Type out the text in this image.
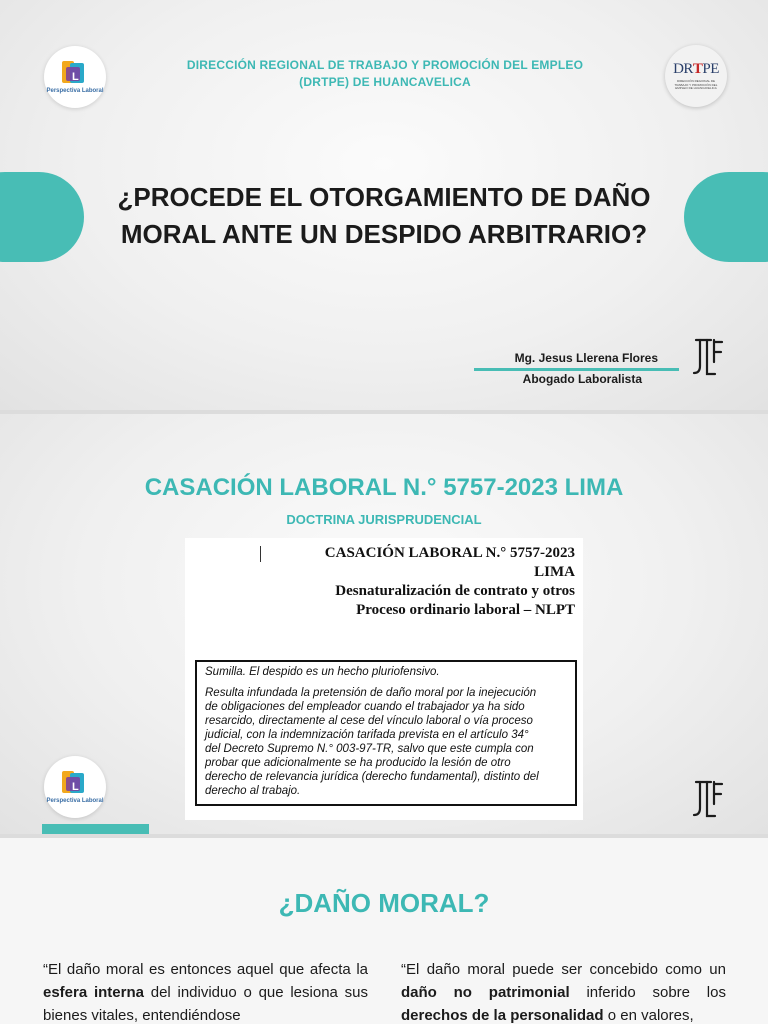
L
Perspectiva Laboral
DIRECCIÓN REGIONAL DE TRABAJO Y PROMOCIÓN DEL EMPLEO (DRTPE) DE HUANCAVELICA
DRTPE
DIRECCIÓN REGIONAL DE TRABAJO Y PROMOCIÓN DEL EMPLEO DE HUANCAVELICA
¿PROCEDE EL OTORGAMIENTO DE DAÑO MORAL ANTE UN DESPIDO ARBITRARIO?
Mg. Jesus Llerena Flores
Abogado Laboralista
CASACIÓN LABORAL N.° 5757-2023 LIMA
DOCTRINA JURISPRUDENCIAL
CASACIÓN LABORAL N.° 5757-2023
LIMA
Desnaturalización de contrato y otros
Proceso ordinario laboral – NLPT
Sumilla. El despido es un hecho pluriofensivo.
Resulta infundada la pretensión de daño moral por la inejecución
de obligaciones del empleador cuando el trabajador ya ha sido
resarcido, directamente al cese del vínculo laboral o vía proceso
judicial, con la indemnización tarifada prevista en el artículo 34°
del Decreto Supremo N.° 003-97-TR, salvo que este cumpla con
probar que adicionalmente se ha producido la lesión de otro
derecho de relevancia jurídica (derecho fundamental), distinto del
derecho al trabajo.
L
Perspectiva Laboral
¿DAÑO MORAL?

“El daño moral es entonces aquel que afecta la esfera interna del individuo o que lesiona sus bienes vitales, entendiéndose

“El daño moral puede ser concebido como un daño no patrimonial inferido sobre los derechos de la personalidad o en valores,
